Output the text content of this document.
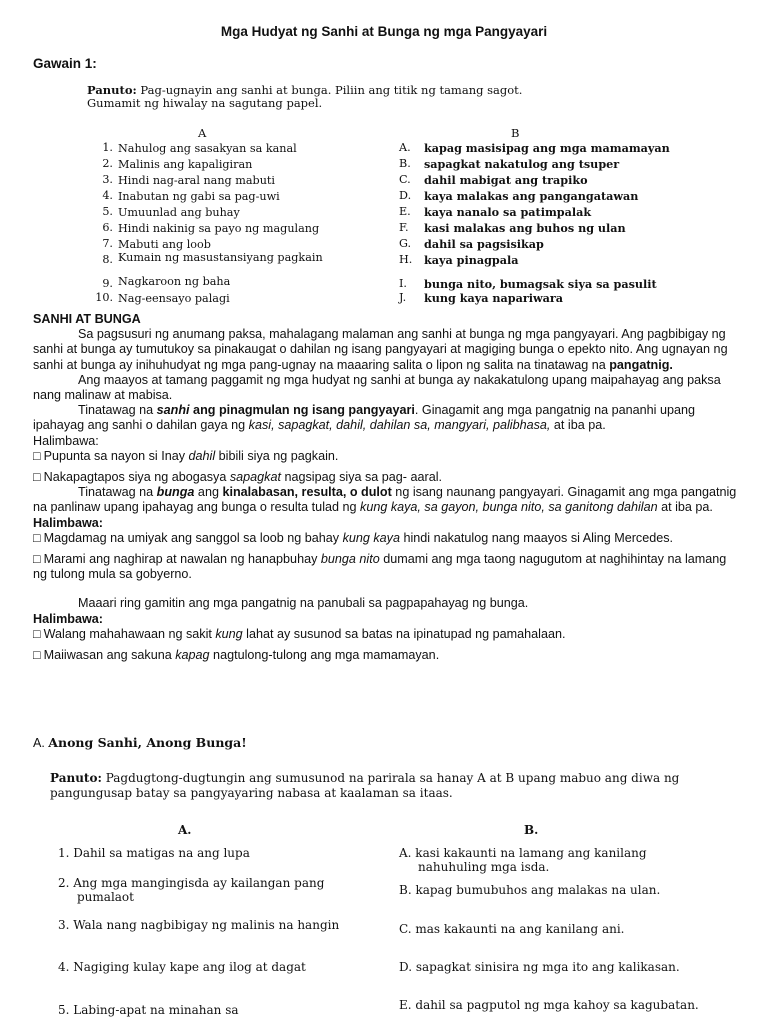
Mga Hudyat ng Sanhi at Bunga ng mga Pangyayari
Gawain 1:
Panuto: Pag-ugnayin ang sanhi at bunga. Piliin ang titik ng tamang sagot.
Gumamit ng hiwalay na sagutang papel.
A	B
1. Nahulog ang sasakyan sa kanal	A. kapag masisipag ang mga mamamayan
2. Malinis ang kapaligiran	B. sapagkat nakatulog ang tsuper
3. Hindi nag-aral nang mabuti	C. dahil mabigat ang trapiko
4. Inabutan ng gabi sa pag-uwi	D. kaya malakas ang pangangatawan
5. Umuunlad ang buhay	E. kaya nanalo sa patimpalak
6. Hindi nakinig sa payo ng magulang	F.	kasi malakas ang buhos ng ulan
7. Mabuti ang loob	G. dahil sa pagsisikap
8. Kumain ng masustansiyang pagkain	H. kaya pinagpala
9. Nagkaroon ng baha	I.	bunga nito, bumagsak siya sa pasulit
10. Nag-eensayo palagi	J.	kung kaya napariwara

SANHI AT BUNGA

Sa pagsusuri ng anumang paksa, mahalagang malaman ang sanhi at bunga ng mga pangyayari. Ang pagbibigay ng sanhi at bunga ay tumutukoy sa pinakaugat o dahilan ng isang pangyayari at magiging bunga o epekto nito. Ang ugnayan ng sanhi at bunga ay inihuhudyat ng mga pang-ugnay na maaaring salita o lipon ng salita na tinatawag na pangatnig.

Ang maayos at tamang paggamit ng mga hudyat ng sanhi at bunga ay nakakatulong upang maipahayag ang paksa nang malinaw at mabisa.

Tinatawag na sanhi ang pinagmulan ng isang pangyayari. Ginagamit ang mga pangatnig na pananhi upang ipahayag ang sanhi o dahilan gaya ng kasi, sapagkat, dahil, dahilan sa, mangyari, palibhasa, at iba pa.

Halimbawa:

□ Pupunta sa nayon si Inay dahil bibili siya ng pagkain.

□ Nakapagtapos siya ng abogasya sapagkat nagsipag siya sa pag- aaral.

Tinatawag na bunga ang kinalabasan, resulta, o dulot ng isang naunang pangyayari. Ginagamit ang mga pangatnig na panlinaw upang ipahayag ang bunga o resulta tulad ng kung kaya, sa gayon, bunga nito, sa ganitong dahilan at iba pa.

Halimbawa:

□ Magdamag na umiyak ang sanggol sa loob ng bahay kung kaya hindi nakatulog nang maayos si Aling Mercedes.

□ Marami ang naghirap at nawalan ng hanapbuhay bunga nito dumami ang mga taong nagugutom at naghihintay na lamang ng tulong mula sa gobyerno.

Maaari ring gamitin ang mga pangatnig na panubali sa pagpapahayag ng bunga.

Halimbawa:

□ Walang mahahawaan ng sakit kung lahat ay susunod sa batas na ipinatupad ng pamahalaan.

□ Maiiwasan ang sakuna kapag nagtulong-tulong ang mga mamamayan.

A. Anong Sanhi, Anong Bunga!
Panuto: Pagdugtong-dugtungin ang sumusunod na parirala sa hanay A at B upang mabuo ang diwa ng pangungusap batay sa pangyayaring nabasa at kaalaman sa itaas.
A.	B.
1. Dahil sa matigas na ang lupa	A. kasi kakaunti na lamang ang kanilang nahuhuling mga isda.
2. Ang mga mangingisda ay kailangan pang pumalaot	B. kapag bumubuhos ang malakas na ulan.
3. Wala nang nagbibigay ng malinis na hangin	C. mas kakaunti na ang kanilang ani.
4. Nagiging kulay kape ang ilog at dagat	D. sapagkat sinisira ng mga ito ang kalikasan.
5. Labing-apat na minahan sa	E. dahil sa pagputol ng mga kahoy sa kagubatan.
